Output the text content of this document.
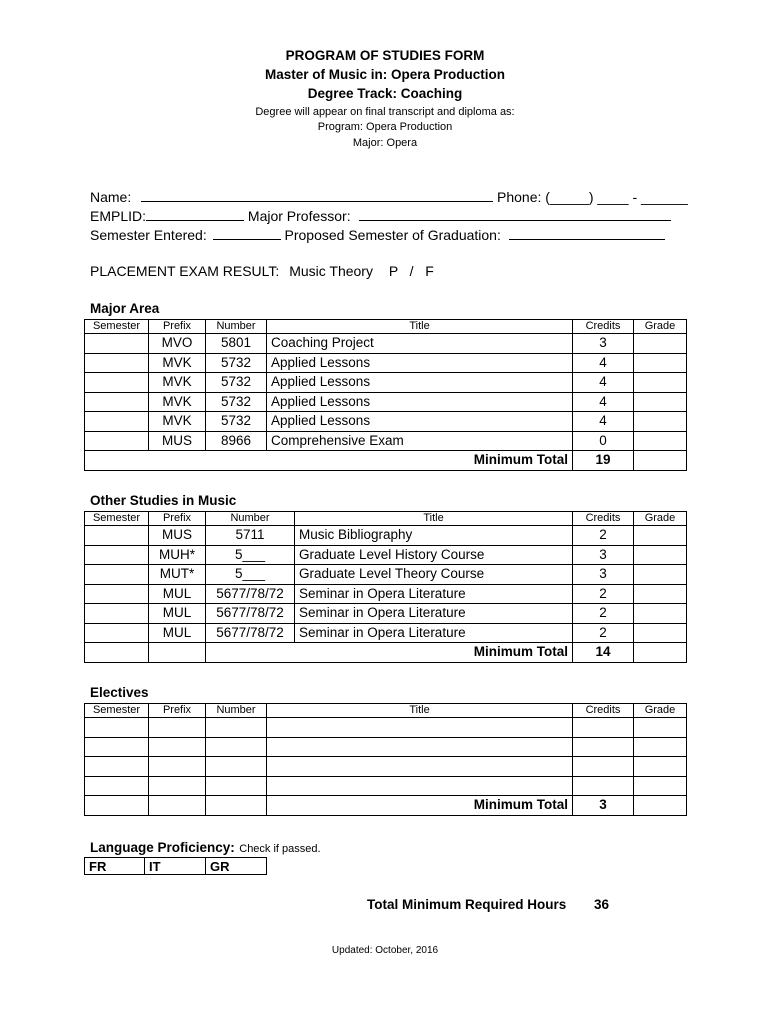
PROGRAM OF STUDIES FORM
Master of Music in: Opera Production
Degree Track: Coaching
Degree will appear on final transcript and diploma as:
Program: Opera Production
Major: Opera
Name:	Phone: (_____) ____ - ______
EMPLID:	Major Professor:
Semester Entered:	Proposed Semester of Graduation:
PLACEMENT EXAM RESULT: Music Theory P   /   F
Major Area
Semester	Prefix	Number	Title	Credits	Grade
	MVO	5801	Coaching Project	3	
	MVK	5732	Applied Lessons	4	
	MVK	5732	Applied Lessons	4	
	MVK	5732	Applied Lessons	4	
	MVK	5732	Applied Lessons	4	
	MUS	8966	Comprehensive Exam	0	
Minimum Total				19	
Other Studies in Music
Semester	Prefix	Number	Title	Credits	Grade
	MUS	5711	Music Bibliography	2	
	MUH*	5___	Graduate Level History Course	3	
	MUT*	5___	Graduate Level Theory Course	3	
	MUL	5677/78/72	Seminar in Opera Literature	2	
	MUL	5677/78/72	Seminar in Opera Literature	2	
	MUL	5677/78/72	Seminar in Opera Literature	2	
		Minimum Total		14	
Electives
Semester	Prefix	Number	Title	Credits	Grade

			Minimum Total	3	
Language Proficiency: Check if passed.
FR	IT	GR
Total Minimum Required Hours 36
Updated: October, 2016
